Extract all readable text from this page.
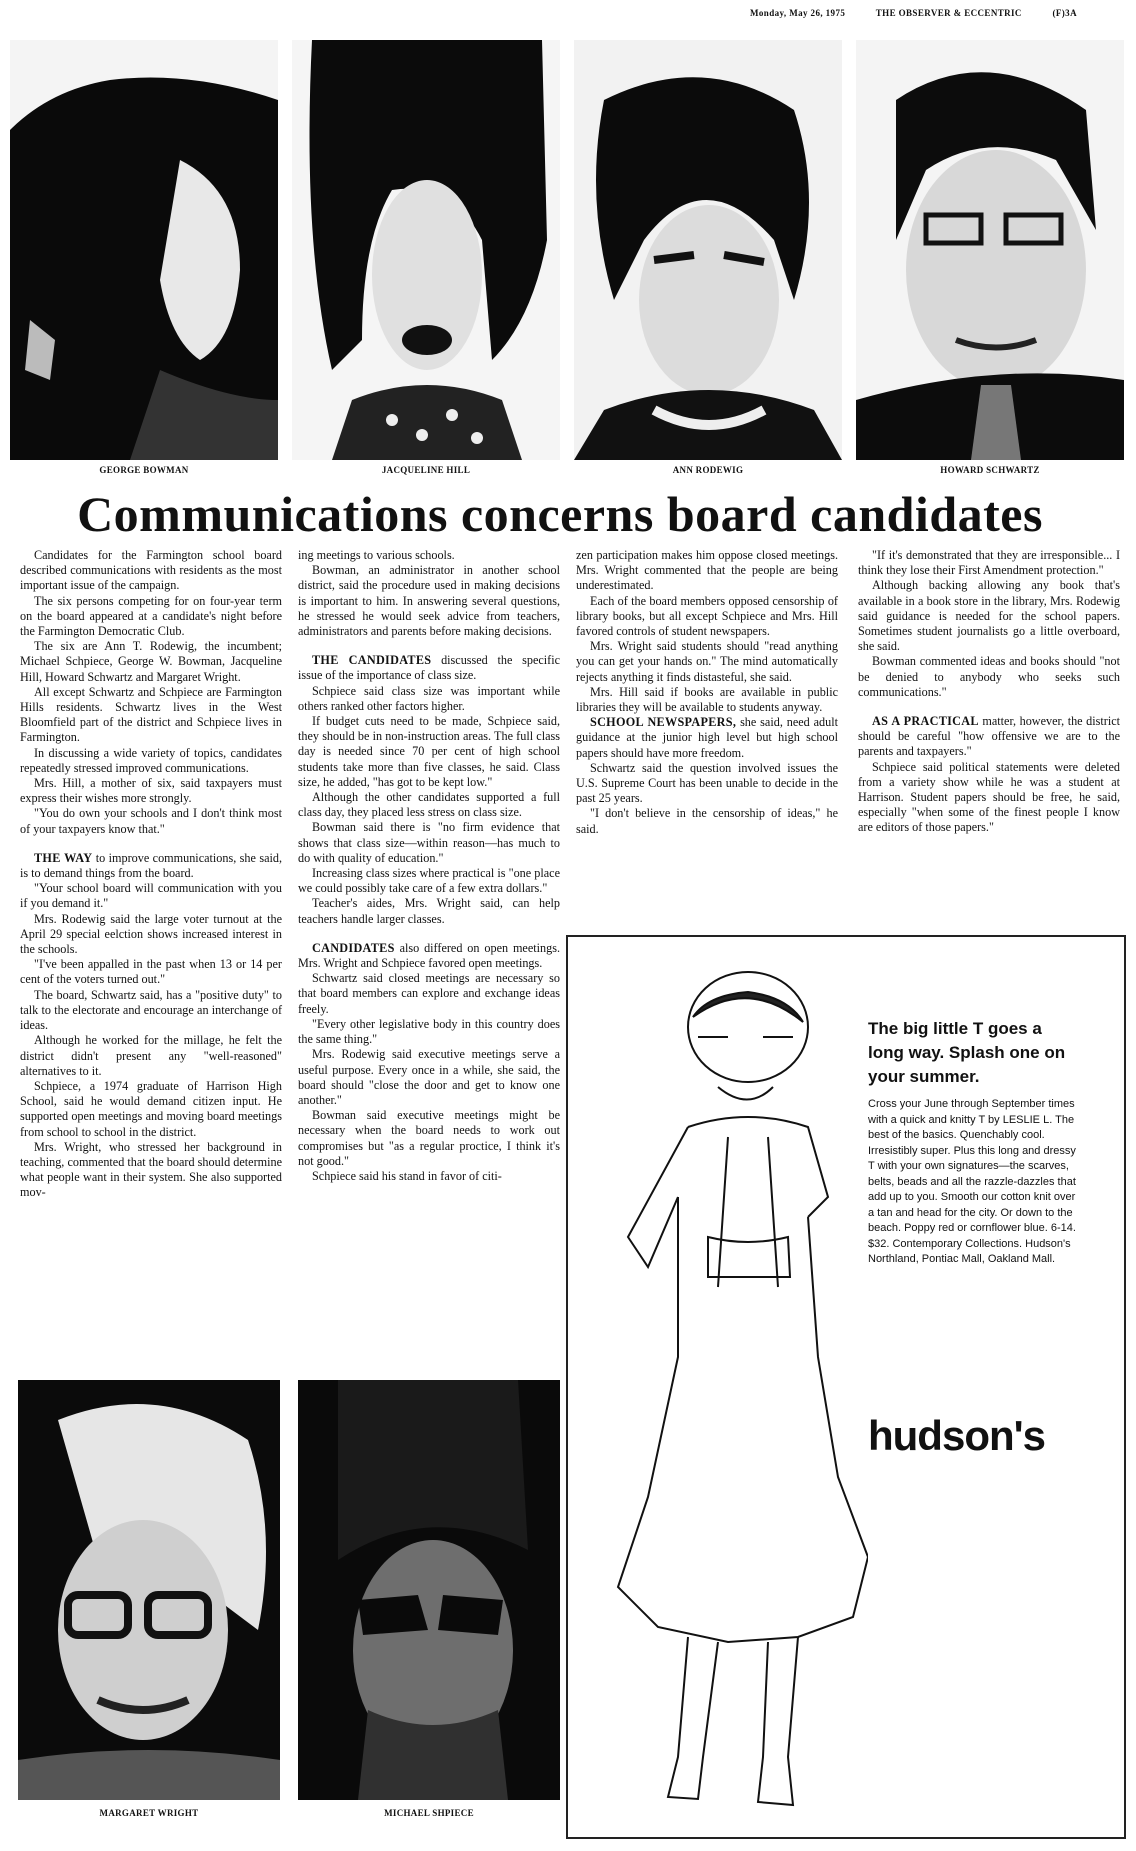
Monday, May 26, 1975	THE OBSERVER & ECCENTRIC	(F)3A
GEORGE BOWMAN	JACQUELINE HILL	ANN RODEWIG	HOWARD SCHWARTZ
Communications concerns board candidates

Candidates for the Farmington school board described communications with residents as the most important issue of the campaign.

The six persons competing for on four-year term on the board appeared at a candidate's night before the Farmington Democratic Club.

The six are Ann T. Rodewig, the incumbent; Michael Schpiece, George W. Bowman, Jacqueline Hill, Howard Schwartz and Margaret Wright.

All except Schwartz and Schpiece are Farmington Hills residents. Schwartz lives in the West Bloomfield part of the district and Schpiece lives in Farmington.

In discussing a wide variety of topics, candidates repeatedly stressed improved communications.

Mrs. Hill, a mother of six, said taxpayers must express their wishes more strongly.

"You do own your schools and I don't think most of your taxpayers know that."

THE WAY to improve communications, she said, is to demand things from the board.

"Your school board will communication with you if you demand it."

Mrs. Rodewig said the large voter turnout at the April 29 special eelction shows increased interest in the schools.

"I've been appalled in the past when 13 or 14 per cent of the voters turned out."

The board, Schwartz said, has a "positive duty" to talk to the electorate and encourage an interchange of ideas.

Although he worked for the millage, he felt the district didn't present any "well-reasoned" alternatives to it.

Schpiece, a 1974 graduate of Harrison High School, said he would demand citizen input. He supported open meetings and moving board meetings from school to school in the district.

Mrs. Wright, who stressed her background in teaching, commented that the board should determine what people want in their system. She also supported mov-

ing meetings to various schools.

Bowman, an administrator in another school district, said the procedure used in making decisions is important to him. In answering several questions, he stressed he would seek advice from teachers, administrators and parents before making decisions.

THE CANDIDATES discussed the specific issue of the importance of class size.

Schpiece said class size was important while others ranked other factors higher.

If budget cuts need to be made, Schpiece said, they should be in non-instruction areas. The full class day is needed since 70 per cent of high school students take more than five classes, he said. Class size, he added, "has got to be kept low."

Although the other candidates supported a full class day, they placed less stress on class size.

Bowman said there is "no firm evidence that shows that class size—within reason—has much to do with quality of education."

Increasing class sizes where practical is "one place we could possibly take care of a few extra dollars."

Teacher's aides, Mrs. Wright said, can help teachers handle larger classes.

CANDIDATES also differed on open meetings. Mrs. Wright and Schpiece favored open meetings.

Schwartz said closed meetings are necessary so that board members can explore and exchange ideas freely.

"Every other legislative body in this country does the same thing."

Mrs. Rodewig said executive meetings serve a useful purpose. Every once in a while, she said, the board should "close the door and get to know one another."

Bowman said executive meetings might be necessary when the board needs to work out compromises but "as a regular proctice, I think it's not good."

Schpiece said his stand in favor of citi-

zen participation makes him oppose closed meetings. Mrs. Wright commented that the people are being underestimated.

Each of the board members opposed censorship of library books, but all except Schpiece and Mrs. Hill favored controls of student newspapers.

Mrs. Wright said students should "read anything you can get your hands on." The mind automatically rejects anything it finds distasteful, she said.

Mrs. Hill said if books are available in public libraries they will be available to students anyway.

SCHOOL NEWSPAPERS, she said, need adult guidance at the junior high level but high school papers should have more freedom.

Schwartz said the question involved issues the U.S. Supreme Court has been unable to decide in the past 25 years.

"I don't believe in the censorship of ideas," he said.

"If it's demonstrated that they are irresponsible... I think they lose their First Amendment protection."

Although backing allowing any book that's available in a book store in the library, Mrs. Rodewig said guidance is needed for the school papers. Sometimes student journalists go a little overboard, she said.

Bowman commented ideas and books should "not be denied to anybody who seeks such communications."

AS A PRACTICAL matter, however, the district should be careful "how offensive we are to the parents and taxpayers."

Schpiece said political statements were deleted from a variety show while he was a student at Harrison. Student papers should be free, he said, especially "when some of the finest people I know are editors of those papers."

MARGARET WRIGHT	MICHAEL SHPIECE
The big little T goes a long way. Splash one on your summer.
Cross your June through September times with a quick and knitty T by LESLIE L. The best of the basics. Quenchably cool. Irresistibly super. Plus this long and dressy T with your own signatures—the scarves, belts, beads and all the razzle-dazzles that add up to you. Smooth our cotton knit over a tan and head for the city. Or down to the beach. Poppy red or cornflower blue. 6-14. $32. Contemporary Collections. Hudson's Northland, Pontiac Mall, Oakland Mall.
hudson's
